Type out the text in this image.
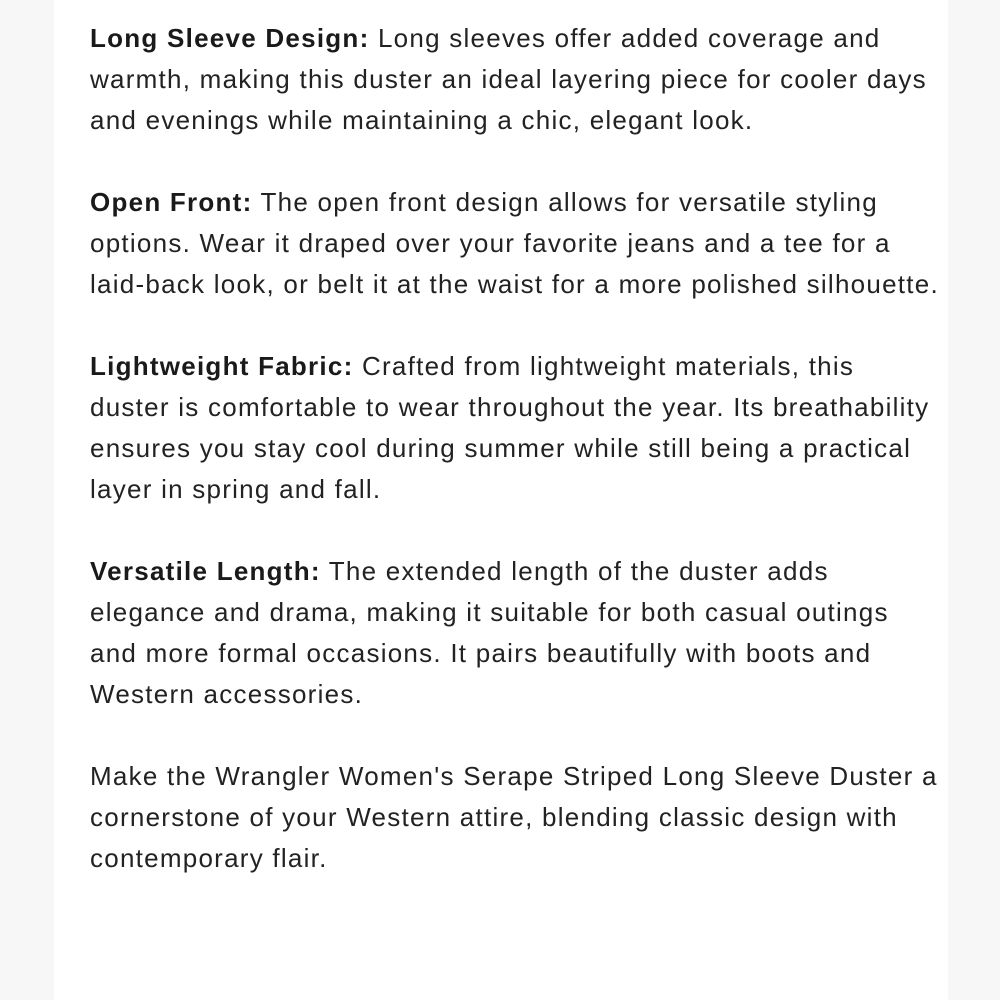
Long Sleeve Design: Long sleeves offer added coverage and warmth, making this duster an ideal layering piece for cooler days and evenings while maintaining a chic, elegant look.

Open Front: The open front design allows for versatile styling options. Wear it draped over your favorite jeans and a tee for a laid-back look, or belt it at the waist for a more polished silhouette.

Lightweight Fabric: Crafted from lightweight materials, this duster is comfortable to wear throughout the year. Its breathability ensures you stay cool during summer while still being a practical layer in spring and fall.

Versatile Length: The extended length of the duster adds elegance and drama, making it suitable for both casual outings and more formal occasions. It pairs beautifully with boots and Western accessories.

Make the Wrangler Women's Serape Striped Long Sleeve Duster a cornerstone of your Western attire, blending classic design with contemporary flair.
